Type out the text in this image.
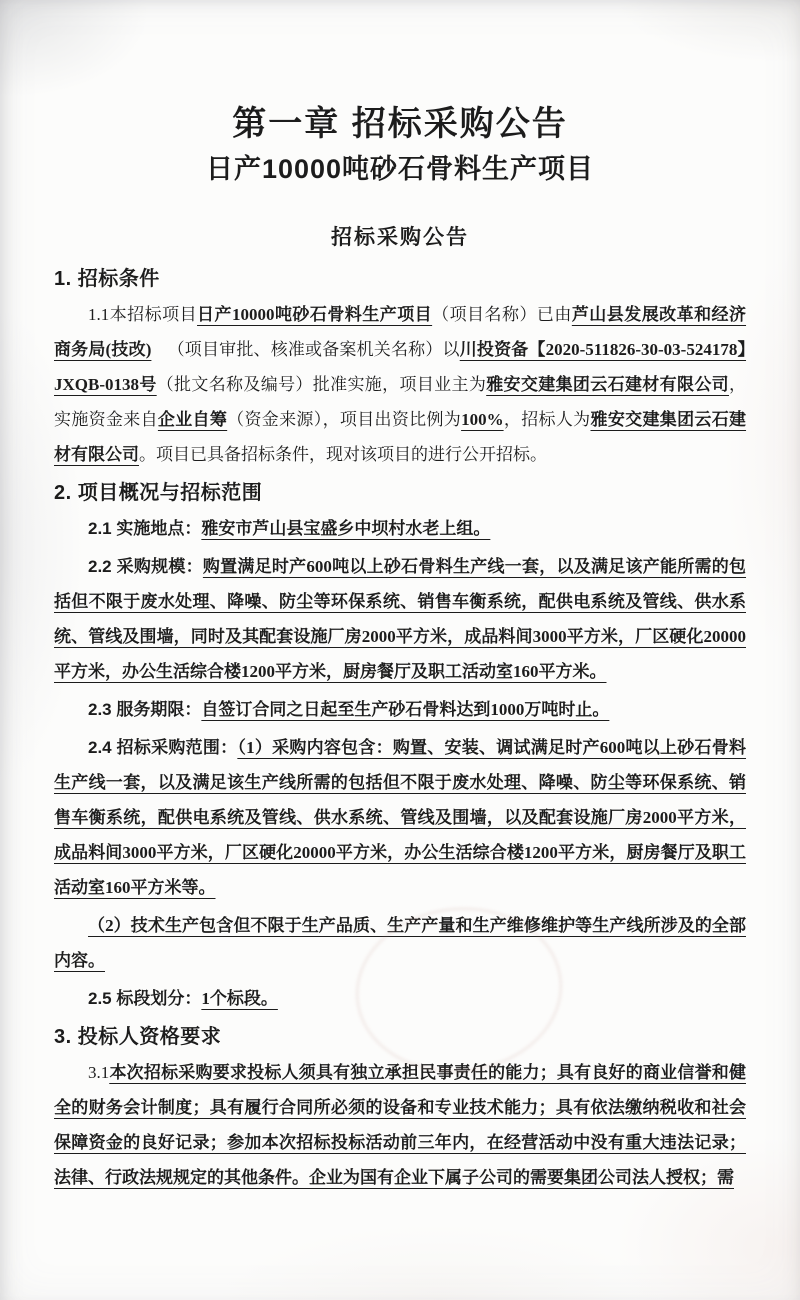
第一章 招标采购公告
日产10000吨砂石骨料生产项目
招标采购公告
1. 招标条件

1.1本招标项目日产10000吨砂石骨料生产项目（项目名称）已由芦山县发展改革和经济商务局(技改) （项目审批、核准或备案机关名称）以川投资备【2020-511826-30-03-524178】JXQB-0138号（批文名称及编号）批准实施，项目业主为雅安交建集团云石建材有限公司，实施资金来自企业自筹（资金来源），项目出资比例为100%，招标人为雅安交建集团云石建材有限公司。项目已具备招标条件，现对该项目的进行公开招标。

2. 项目概况与招标范围

2.1 实施地点：雅安市芦山县宝盛乡中坝村水老上组。

2.2 采购规模：购置满足时产600吨以上砂石骨料生产线一套，以及满足该产能所需的包括但不限于废水处理、降噪、防尘等环保系统、销售车衡系统，配供电系统及管线、供水系统、管线及围墙，同时及其配套设施厂房2000平方米，成品料间3000平方米，厂区硬化20000平方米，办公生活综合楼1200平方米，厨房餐厅及职工活动室160平方米。

2.3 服务期限：自签订合同之日起至生产砂石骨料达到1000万吨时止。

2.4 招标采购范围：（1）采购内容包含：购置、安装、调试满足时产600吨以上砂石骨料生产线一套，以及满足该生产线所需的包括但不限于废水处理、降噪、防尘等环保系统、销售车衡系统，配供电系统及管线、供水系统、管线及围墙，以及配套设施厂房2000平方米，成品料间3000平方米，厂区硬化20000平方米，办公生活综合楼1200平方米，厨房餐厅及职工活动室160平方米等。

（2）技术生产包含但不限于生产品质、生产产量和生产维修维护等生产线所涉及的全部内容。

2.5 标段划分：1个标段。

3. 投标人资格要求

3.1本次招标采购要求投标人须具有独立承担民事责任的能力；具有良好的商业信誉和健全的财务会计制度；具有履行合同所必须的设备和专业技术能力；具有依法缴纳税收和社会保障资金的良好记录；参加本次招标投标活动前三年内，在经营活动中没有重大违法记录；法律、行政法规规定的其他条件。企业为国有企业下属子公司的需要集团公司法人授权；需
